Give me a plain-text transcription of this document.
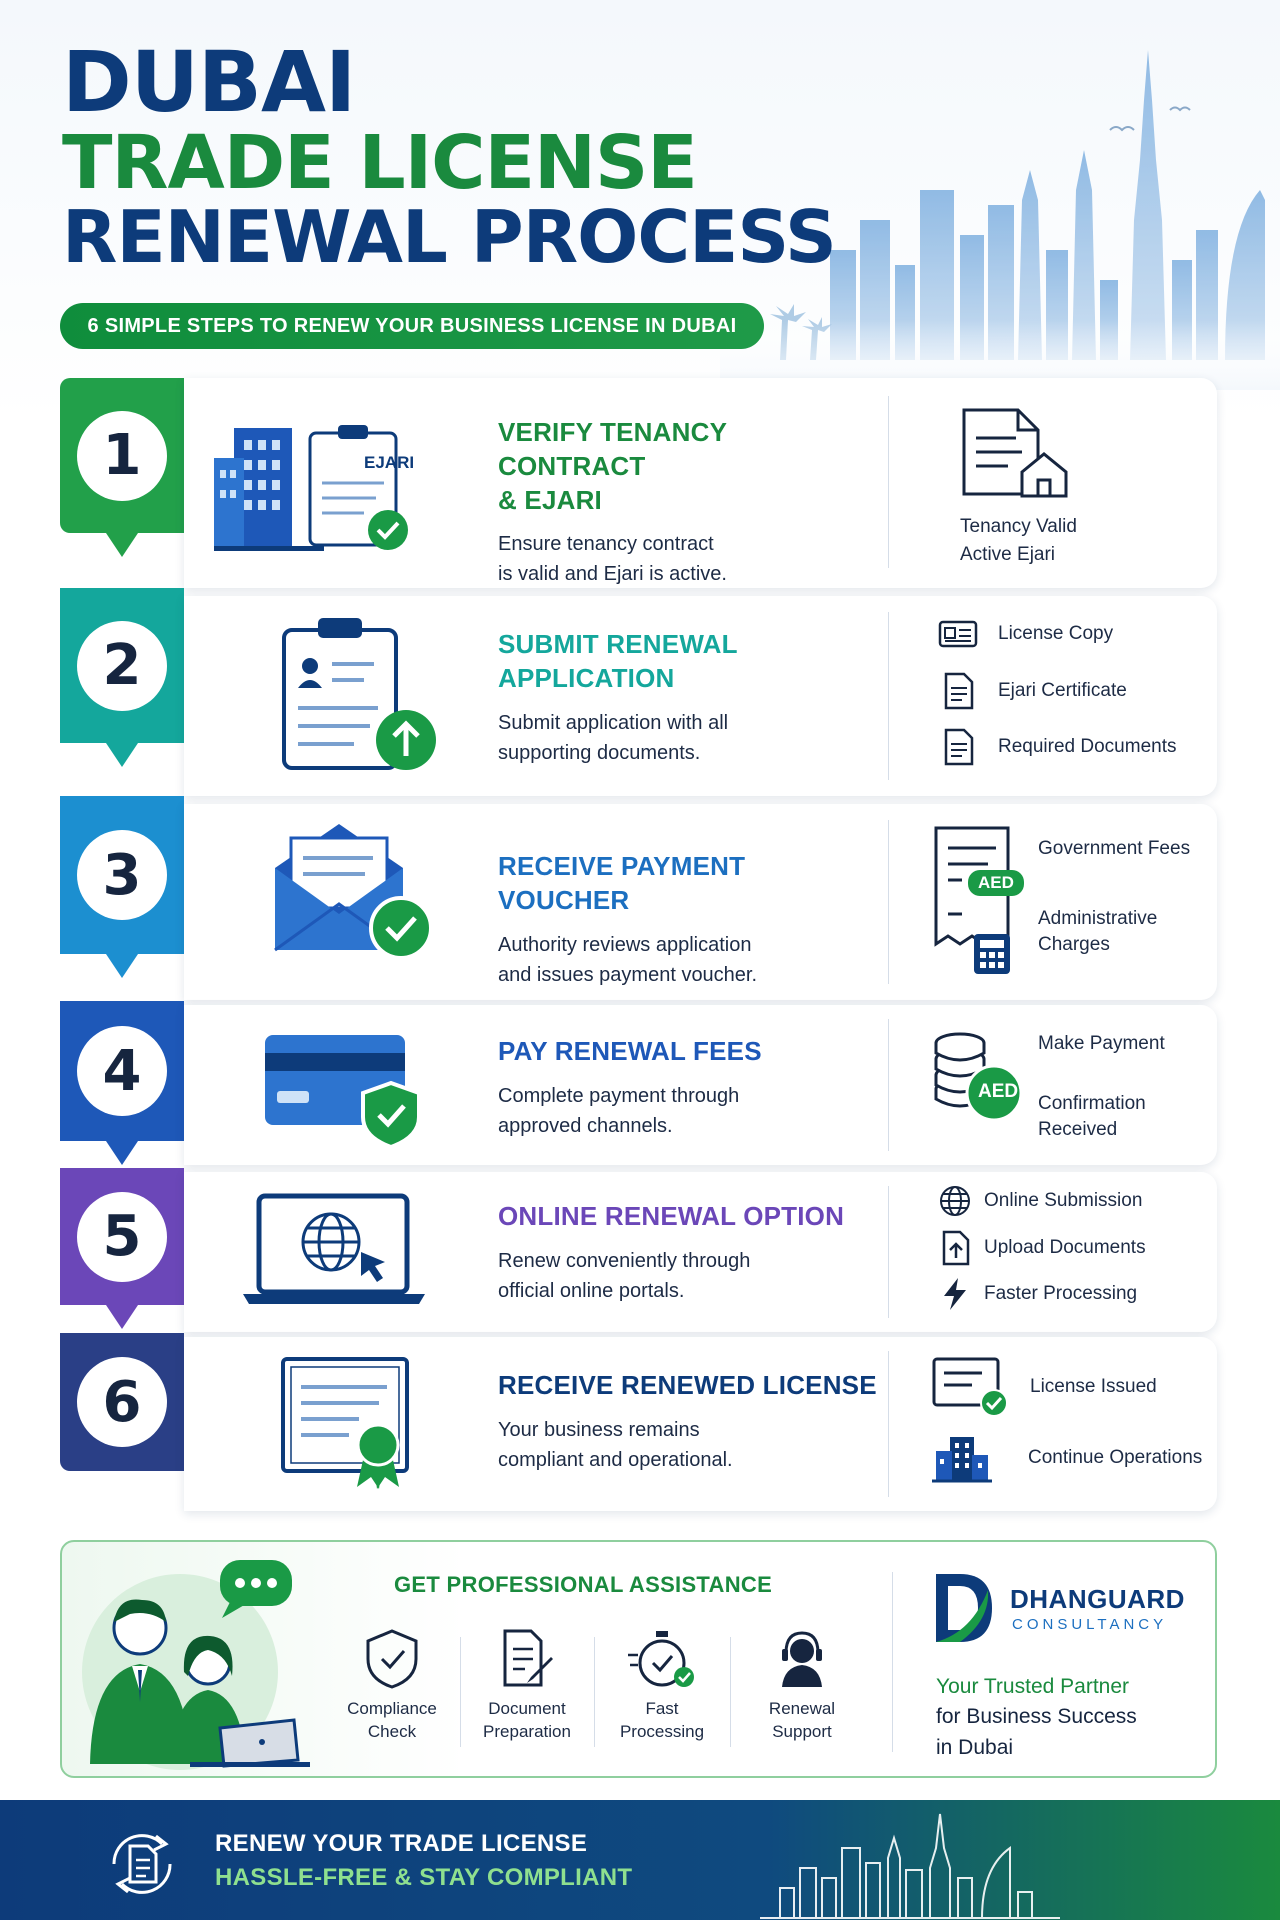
DUBAI
TRADE LICENSE
RENEWAL PROCESS
6 SIMPLE STEPS TO RENEW YOUR BUSINESS LICENSE IN DUBAI
1	EJARI
VERIFY TENANCY CONTRACT
& EJARI
Ensure tenancy contract
is valid and Ejari is active.
Tenancy Valid
Active Ejari
2	SUBMIT RENEWAL
APPLICATION
Submit application with all
supporting documents.
License Copy
Ejari Certificate
Required Documents
3	RECEIVE PAYMENT VOUCHER
Authority reviews application
and issues payment voucher.
AED
Government Fees
Administrative
Charges
4	PAY RENEWAL FEES
Complete payment through
approved channels.
AED
Make Payment
Confirmation
Received
5	ONLINE RENEWAL OPTION
Renew conveniently through
official online portals.
Online Submission
Upload Documents
Faster Processing
6	RECEIVE RENEWED LICENSE
Your business remains
compliant and operational.
License Issued
Continue Operations
GET PROFESSIONAL ASSISTANCE
Compliance
Check
Document
Preparation
Fast
Processing
Renewal
Support
DHANGUARD
CONSULTANCY
Your Trusted Partner
for Business Success
in Dubai
RENEW YOUR TRADE LICENSE
HASSLE-FREE & STAY COMPLIANT
